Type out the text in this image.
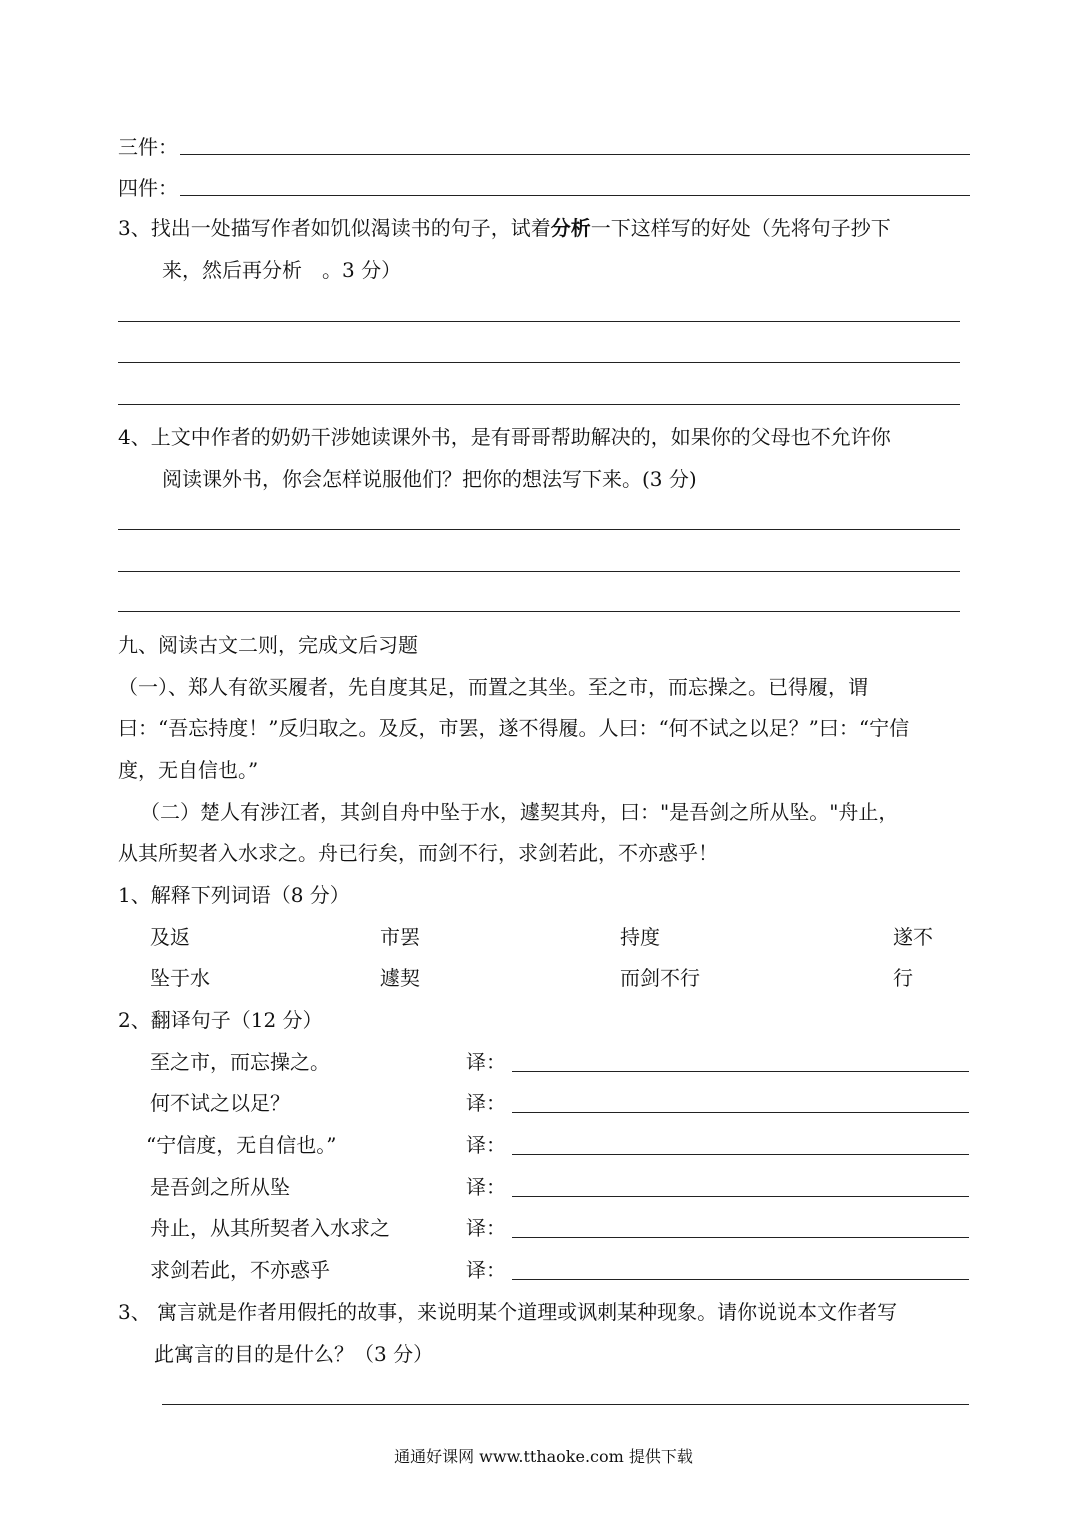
三件：
四件：
3、找出一处描写作者如饥似渴读书的句子，试着分析一下这样写的好处（先将句子抄下
来，然后再分析　。3 分）
4、上文中作者的奶奶干涉她读课外书，是有哥哥帮助解决的，如果你的父母也不允许你
阅读课外书，你会怎样说服他们？把你的想法写下来。(3 分)
九、阅读古文二则，完成文后习题
（一）、郑人有欲买履者，先自度其足，而置之其坐。至之市，而忘操之。已得履，谓
曰：“吾忘持度！”反归取之。及反，市罢，遂不得履。人曰：“何不试之以足？”曰：“宁信
度，无自信也。”
（二）楚人有涉江者，其剑自舟中坠于水，遽契其舟，曰："是吾剑之所从坠。"舟止，
从其所契者入水求之。舟已行矣，而剑不行，求剑若此，不亦惑乎！
1、解释下列词语（8 分）
及返	市罢	持度	遂不
坠于水	遽契	而剑不行	行
2、翻译句子（12 分）
至之市，而忘操之。	译：
何不试之以足？	译：
“宁信度，无自信也。”	译：
是吾剑之所从坠	译：
舟止，从其所契者入水求之	译：
求剑若此，不亦惑乎	译：
3、 寓言就是作者用假托的故事，来说明某个道理或讽刺某种现象。请你说说本文作者写
此寓言的目的是什么？（3 分）
通通好课网 www.tthaoke.com 提供下载
